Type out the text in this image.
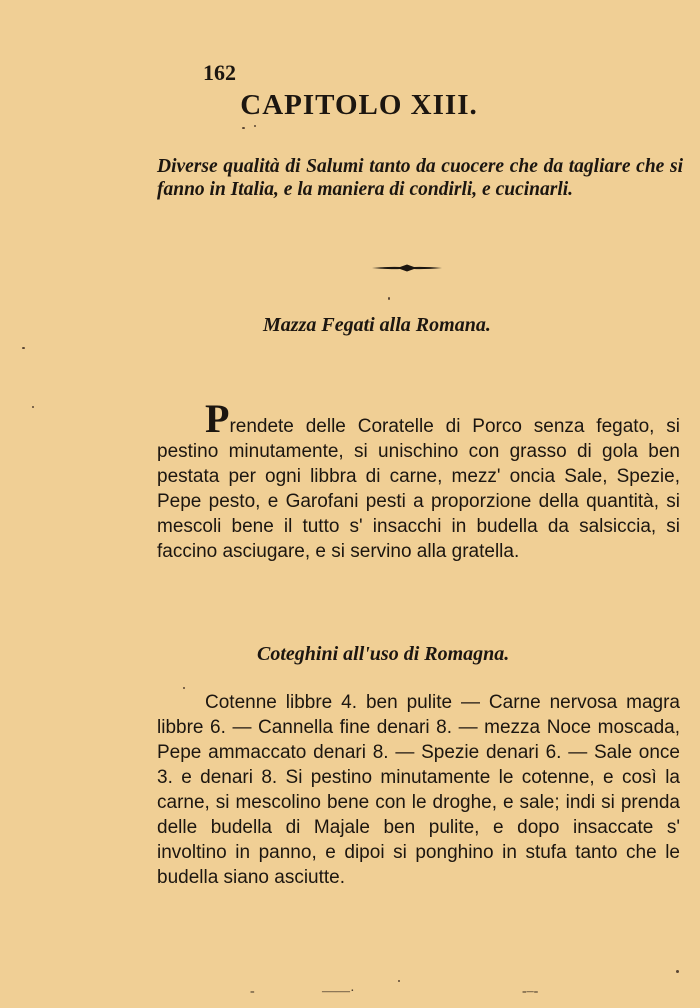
162
CAPITOLO XIII.
Diverse qualità di Salumi tanto da cuocere che da tagliare che si fanno in Italia, e la maniera di condirli, e cucinarli.
Mazza Fegati alla Romana.
Prendete delle Coratelle di Porco senza fegato, si pestino minutamente, si unischino con grasso di gola ben pestata per ogni libbra di carne, mezz' oncia Sale, Spezie, Pepe pesto, e Garofani pesti a proporzione della quantità, si mescoli bene il tutto s' insacchi in budella da salsiccia, si faccino asciugare, e si servino alla gratella.
Coteghini all'uso di Romagna.
Cotenne libbre 4. ben pulite — Carne nervosa magra libbre 6. — Cannella fine denari 8. — mezza Noce moscada, Pepe ammaccato denari 8. — Spezie denari 6. — Sale once 3. e denari 8. Si pestino minutamente le cotenne, e così la carne, si mescolino bene con le droghe, e sale; indi si prenda delle budella di Majale ben pulite, e dopo insaccate s' involtino in panno, e dipoi si ponghino in stufa tanto che le budella siano asciutte.
-	——·	-‒-
